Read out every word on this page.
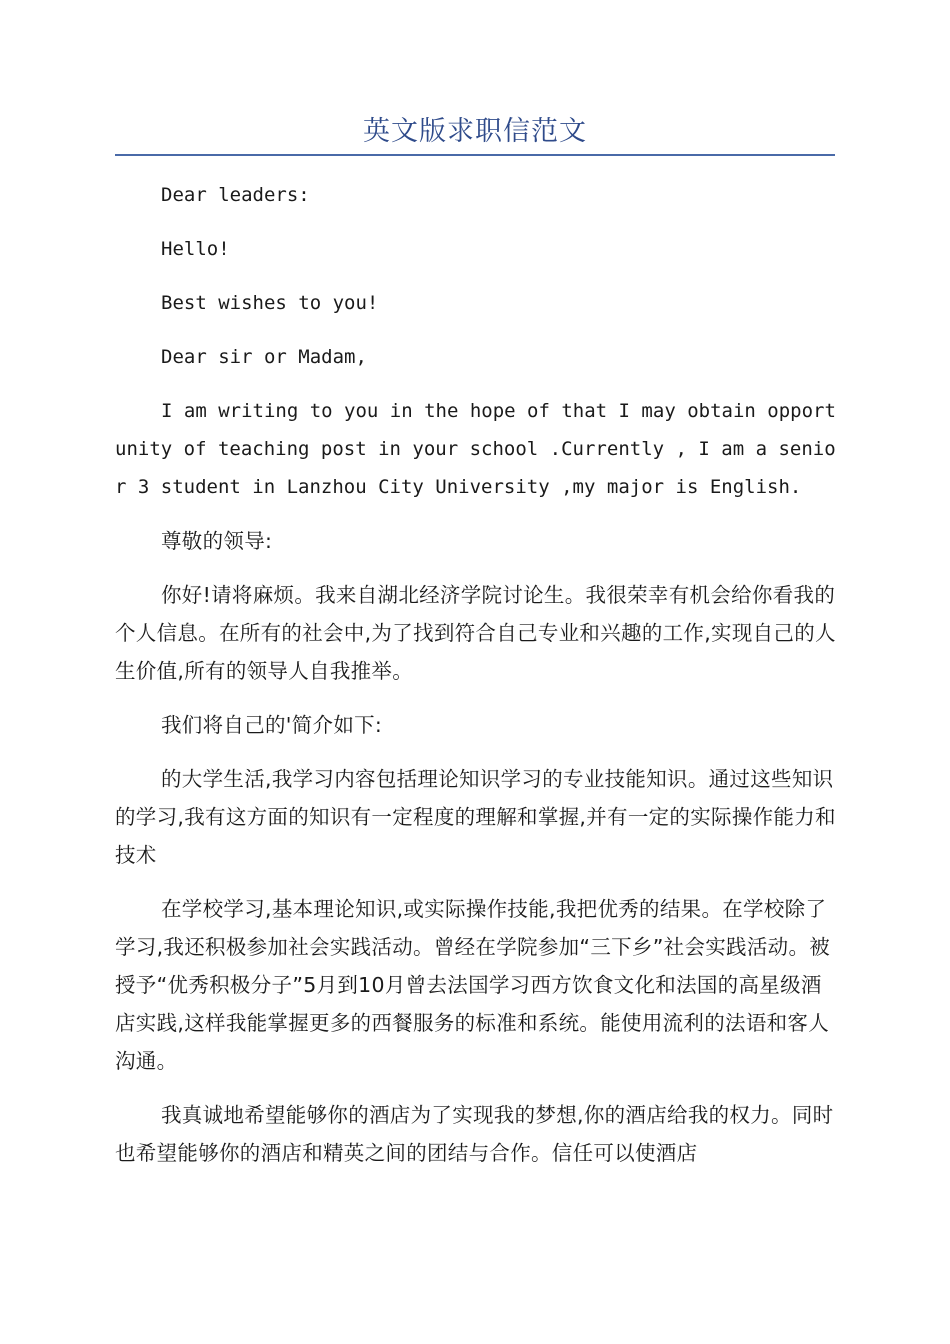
英文版求职信范文

Dear leaders:

Hello!

Best wishes to you!

Dear sir or Madam,

I am writing to you in the hope of that I may obtain opportunity of teaching post in your school .Currently , I am a senior 3 student in Lanzhou City University ,my major is English.

尊敬的领导:

你好!请将麻烦。我来自湖北经济学院讨论生。我很荣幸有机会给你看我的个人信息。在所有的社会中,为了找到符合自己专业和兴趣的工作,实现自己的人生价值,所有的领导人自我推举。

我们将自己的'简介如下:

的大学生活,我学习内容包括理论知识学习的专业技能知识。通过这些知识的学习,我有这方面的知识有一定程度的理解和掌握,并有一定的实际操作能力和技术

在学校学习,基本理论知识,或实际操作技能,我把优秀的结果。在学校除了学习,我还积极参加社会实践活动。曾经在学院参加“三下乡”社会实践活动。被授予“优秀积极分子”5月到10月曾去法国学习西方饮食文化和法国的高星级酒店实践,这样我能掌握更多的西餐服务的标准和系统。能使用流利的法语和客人沟通。

我真诚地希望能够你的酒店为了实现我的梦想,你的酒店给我的权力。同时也希望能够你的酒店和精英之间的团结与合作。信任可以使酒店
